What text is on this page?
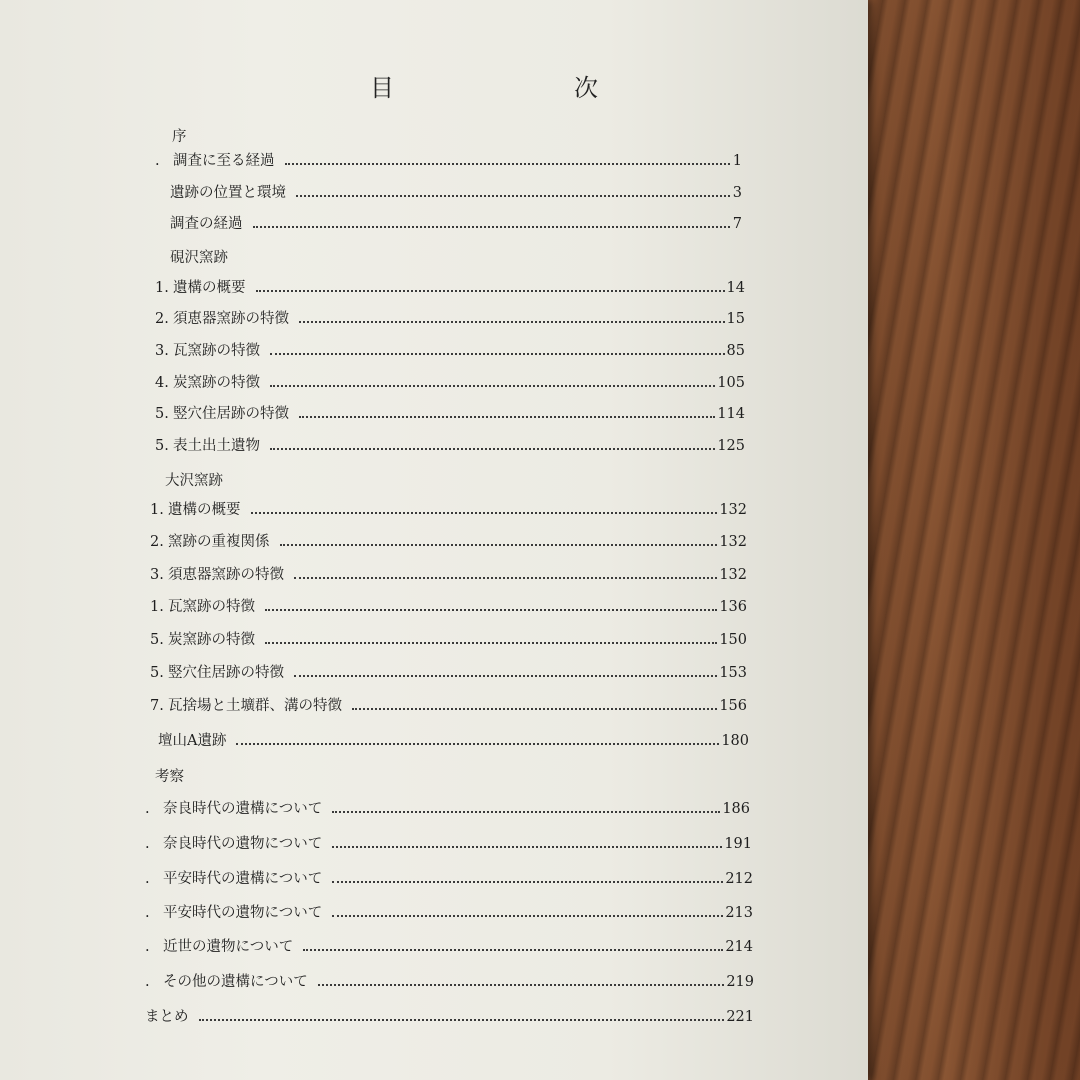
目	次
序
. 調査に至る経過	1
遺跡の位置と環境	3
調査の経過	7
硯沢窯跡
1. 遺構の概要	14
2. 須恵器窯跡の特徴	15
3. 瓦窯跡の特徴	85
4. 炭窯跡の特徴	105
5. 竪穴住居跡の特徴	114
5. 表土出土遺物	125
大沢窯跡
1. 遺構の概要	132
2. 窯跡の重複関係	132
3. 須恵器窯跡の特徴	132
1. 瓦窯跡の特徴	136
5. 炭窯跡の特徴	150
5. 竪穴住居跡の特徴	153
7. 瓦捨場と土壙群、溝の特徴	156
壇山A遺跡	180
考察
. 奈良時代の遺構について	186
. 奈良時代の遺物について	191
. 平安時代の遺構について	212
. 平安時代の遺物について	213
. 近世の遺物について	214
. その他の遺構について	219
まとめ	221
